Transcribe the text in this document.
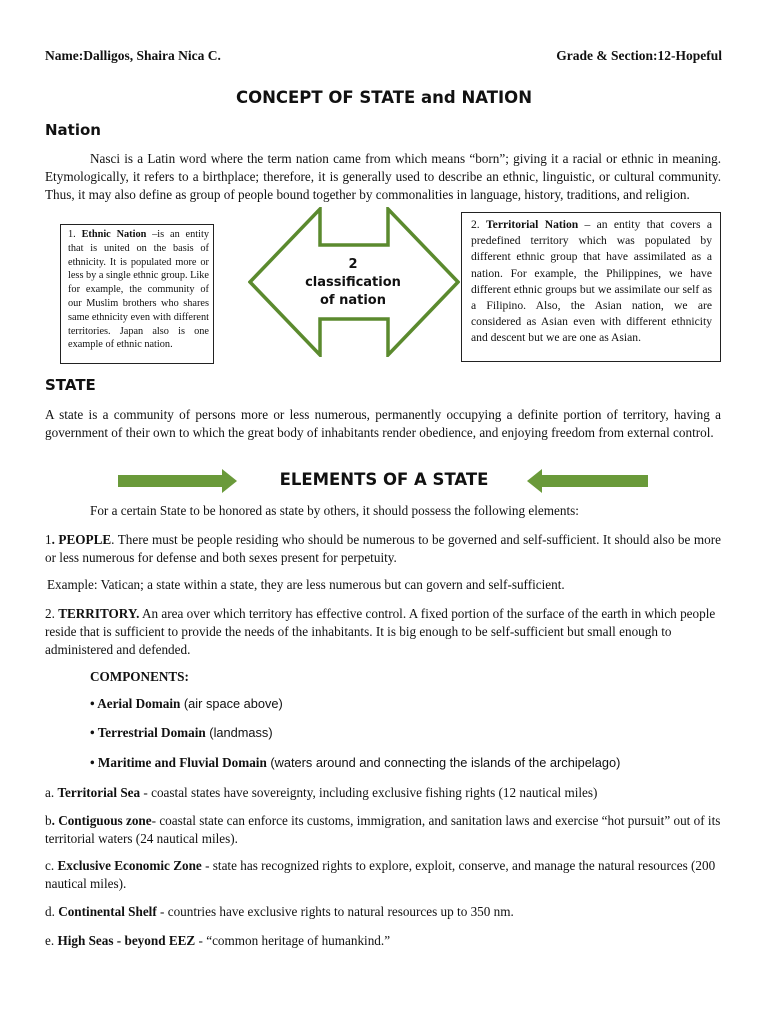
Name:Dalligos, Shaira Nica C.	Grade & Section:12-Hopeful
CONCEPT OF STATE and NATION
Nation
Nasci is a Latin word where the term nation came from which means “born”; giving it a racial or ethnic in meaning. Etymologically, it refers to a birthplace; therefore, it is generally used to describe an ethnic, linguistic, or cultural community. Thus, it may also define as group of people bound together by commonalities in language, history, traditions, and religion.
1. Ethnic Nation –is an entity that is united on the basis of ethnicity. It is populated more or less by a single ethnic group. Like for example, the community of our Muslim brothers who shares same ethnicity even with different territories. Japan also is one example of ethnic nation.
2
classification
of nation
2. Territorial Nation – an entity that covers a predefined territory which was populated by different ethnic group that have assimilated as a nation. For example, the Philippines, we have different ethnic groups but we assimilate our self as a Filipino. Also, the Asian nation, we are considered as Asian even with different ethnicity and descent but we are one as Asian.
STATE
A state is a community of persons more or less numerous, permanently occupying a definite portion of territory, having a government of their own to which the great body of inhabitants render obedience, and enjoying freedom from external control.
ELEMENTS OF A STATE
For a certain State to be honored as state by others, it should possess the following elements:
1. PEOPLE. There must be people residing who should be numerous to be governed and self-sufficient. It should also be more or less numerous for defense and both sexes present for perpetuity.
Example: Vatican; a state within a state, they are less numerous but can govern and self-sufficient.
2. TERRITORY. An area over which territory has effective control. A fixed portion of the surface of the earth in which people reside that is sufficient to provide the needs of the inhabitants. It is big enough to be self-sufficient but small enough to administered and defended.
COMPONENTS:
• Aerial Domain (air space above)
• Terrestrial Domain (landmass)
• Maritime and Fluvial Domain (waters around and connecting the islands of the archipelago)
a. Territorial Sea - coastal states have sovereignty, including exclusive fishing rights (12 nautical miles)
b. Contiguous zone- coastal state can enforce its customs, immigration, and sanitation laws and exercise “hot pursuit” out of its territorial waters (24 nautical miles).
c. Exclusive Economic Zone - state has recognized rights to explore, exploit, conserve, and manage the natural resources (200 nautical miles).
d. Continental Shelf - countries have exclusive rights to natural resources up to 350 nm.
e. High Seas - beyond EEZ - “common heritage of humankind.”
